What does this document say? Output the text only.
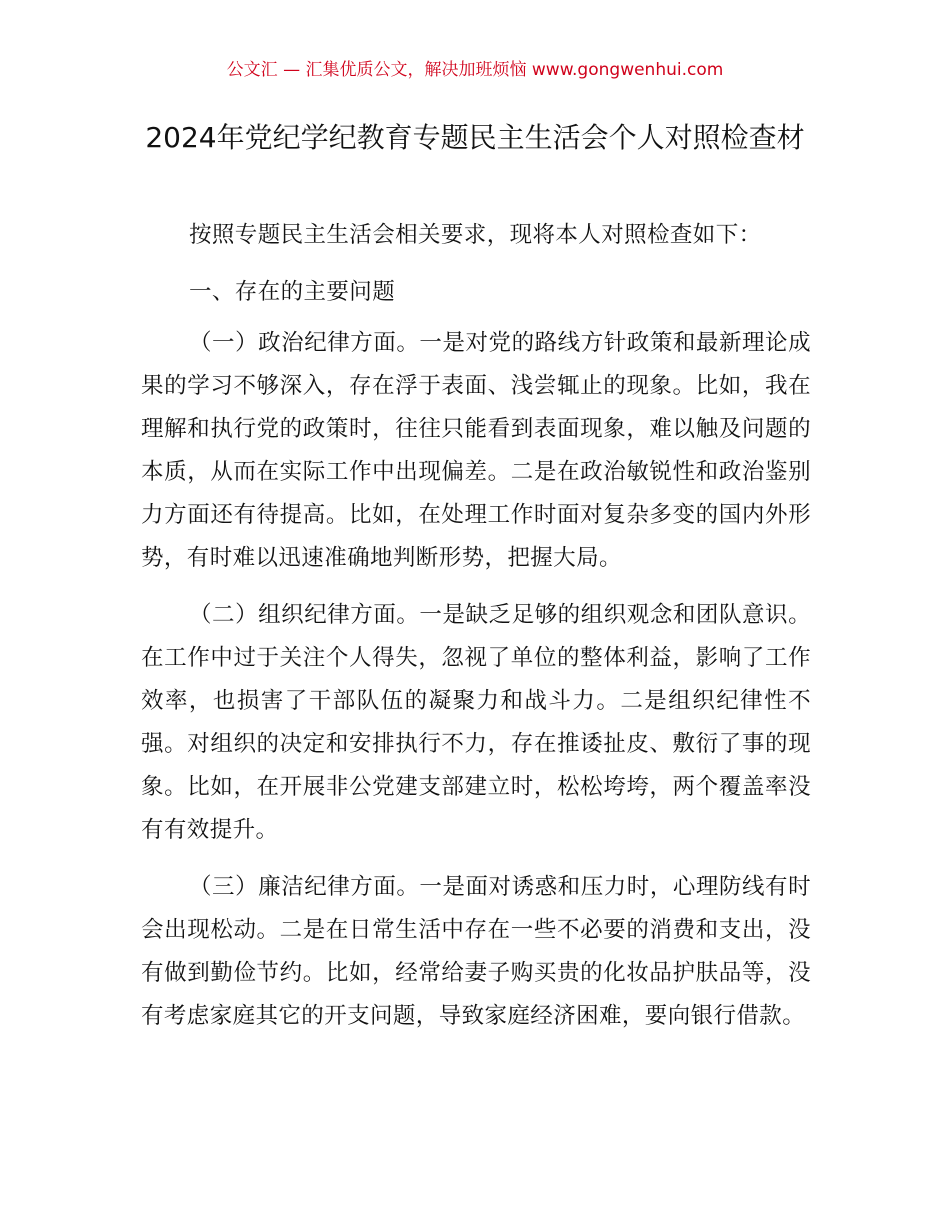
公文汇 — 汇集优质公文，解决加班烦恼 www.gongwenhui.com
2024年党纪学纪教育专题民主生活会个人对照检查材

按照专题民主生活会相关要求，现将本人对照检查如下：

一、存在的主要问题

（一）政治纪律方面。一是对党的路线方针政策和最新理论成果的学习不够深入，存在浮于表面、浅尝辄止的现象。比如，我在理解和执行党的政策时，往往只能看到表面现象，难以触及问题的本质，从而在实际工作中出现偏差。二是在政治敏锐性和政治鉴别力方面还有待提高。比如，在处理工作时面对复杂多变的国内外形势，有时难以迅速准确地判断形势，把握大局。

（二）组织纪律方面。一是缺乏足够的组织观念和团队意识。在工作中过于关注个人得失，忽视了单位的整体利益，影响了工作效率，也损害了干部队伍的凝聚力和战斗力。二是组织纪律性不强。对组织的决定和安排执行不力，存在推诿扯皮、敷衍了事的现象。比如，在开展非公党建支部建立时，松松垮垮，两个覆盖率没有有效提升。

（三）廉洁纪律方面。一是面对诱惑和压力时，心理防线有时会出现松动。二是在日常生活中存在一些不必要的消费和支出，没有做到勤俭节约。比如，经常给妻子购买贵的化妆品护肤品等，没有考虑家庭其它的开支问题，导致家庭经济困难，要向银行借款。
